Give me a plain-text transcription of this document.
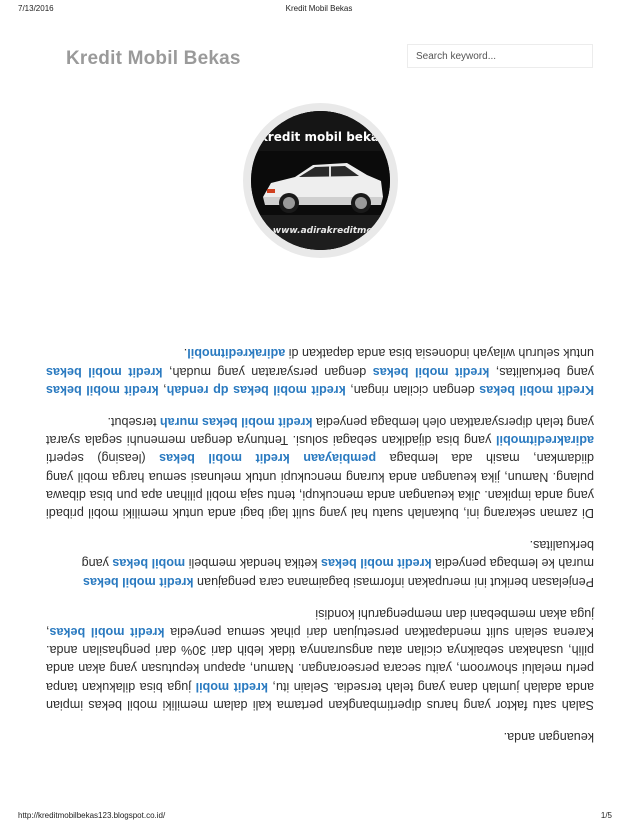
7/13/2016	Kredit Mobil Bekas
Kredit Mobil Bekas
Search keyword...
kredit mobil bekas
www.adirakreditmobil

keuangan anda.

Salah satu faktor yang harus dipertimbangkan pertama kali dalam memiliki mobil bekas impian anda adalah jumlah dana yang telah tersedia. Selain itu, kredit mobil juga bisa dilakukan tanpa perlu melalui showroom, yaitu secara perseorangan. Namun, apapun keputusan yang akan anda pilih, usahakan sebaiknya cicilan atau angsurannya tidak lebih dari 30% dari penghasilan anda. Karena selain sulit mendapatkan persetujuan dari pihak semua penyedia kredit mobil bekas, juga akan membebani dan mempengaruhi kondisi

Penjelasan berikut ini merupakan informasi bagaimana cara pengajuan kredit mobil bekas murah ke lembaga penyedia kredit mobil bekas ketika hendak membeli mobil bekas yang berkualitas.

Di zaman sekarang ini, bukanlah suatu hal yang sulit lagi bagi anda untuk memiliki mobil pribadi yang anda impikan. Jika keuangan anda mencukupi, tentu saja mobil pilihan apa pun bisa dibawa pulang. Namun, jika keuangan anda kurang mencukupi untuk melunasi semua harga mobil yang diidamkan, masih ada lembaga pembiayaan kredit mobil bekas (leasing) seperti adirakreditmobil yang bisa dijadikan sebagai solusi. Tentunya dengan memenuhi segala syarat yang telah dipersyaratkan oleh lembaga penyedia kredit mobil bekas murah tersebut.

Kredit mobil bekas dengan cicilan ringan, kredit mobil bekas dp rendah, kredit mobil bekas yang berkualitas, kredit mobil bekas dengan persyaratan yang mudah, kredit mobil bekas untuk seluruh wilayah indonesia bisa anda dapatkan di adirakreditmobil.

http://kreditmobilbekas123.blogspot.co.id/	1/5
